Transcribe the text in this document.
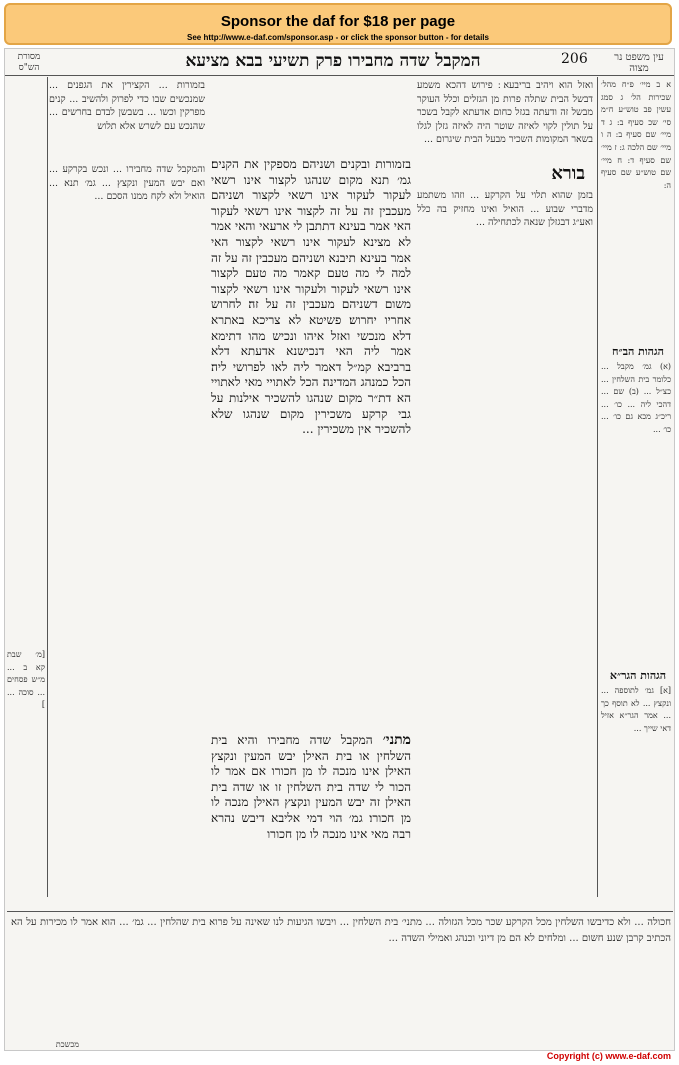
Sponsor the daf for $18 per page
See http://www.e-daf.com/sponsor.asp - or click the sponsor button - for details
206
המקבל שדה מחבירו פרק תשיעי בבא מציעא	עין משפט נר מצוה
מסורת הש"ס
א ב מיי׳ פ״ח מהל׳ שכירות הל׳ ג סמג עשין פב טוש״ע ח״מ סי׳ שכ סעיף ב: ג ד מיי׳ שם סעיף ב: ה ו מיי׳ שם הלכה ג: ז מיי׳ שם סעיף ד: ח מיי׳ שם טוש״ע שם סעיף ה:
הגהות הב״ח
(א) גמ׳ מקבל ... כלומר בית השלחין ... כצ״ל ... (ב) שם ... דהכי ליה ... כו׳ ... ריכ״ג מכא גם כו׳ ... כו׳ ...
הגהות הגר״א
[א] גמ׳ לתוספה ... ונקצץ ... לא תוסף כך ... אמר הגר״א אזיל דאי שייך ...
ואזל הוא ויהיב בריבעא ׃ פירוש דהכא משמע דבשל הבית שתלה פרות מן הגזלים וכלל העוקר מבשל זה ודעתה בגזל כחום אדעתא לקבל בשכר על תולין לקוי לאיזה שוטר היה לאיזה גזלן לגלו בשאר המקומות השכיר מבעל הבית שיגרום ...
בורא
בזמן שהוא תלוי על הקרקע ... וזהו משתמע מדברי שבוע ... הואיל ואינו מחזיק בה כלל ואע״ג דבגזלן שנאה לכתחילה ...
בזמורות ובקנים ושניהם מספקין את הקנים׃ גמ׳ תנא מקום שנהגו לקצור אינו רשאי לעקור לעקור אינו רשאי לקצור ושניהם מעכבין זה על זה לקצור אינו רשאי לעקור האי אמר בעינא דתתבן לי ארעאי והאי אמר לא מצינא לעקור אינו רשאי לקצור האי אמר בעינא תיבנא ושניהם מעכבין זה על זה למה לי מה טעם קאמר מה טעם לקצור אינו רשאי לעקור ולעקור אינו רשאי לקצור משום דשניהם מעכבין זה על זה׃ לחרוש אחריו יחרוש׃ פשיטא לא צריכא באתרא דלא מנכשי ואזל איהו ונכיש מהו דתימא אמר ליה האי דנכישנא אדעתא דלא ברביבא קמ״ל דאמר ליה לאו לפרושי ליה׃ הכל כמנהג המדינה׃ הכל לאתויי מאי לאתויי הא דת״ר מקום שנהגו להשכיר אילנות על גבי קרקע משכירין מקום שנהגו שלא להשכיר אין משכירין ...
בזמורות ... הקצירין את הגפנים ... שמנכשים שבו כדי לפרוק ולהשיב ... קנים מפרקין וכשו ... בשבשן לבדם בחרשים ... שהנכש עם לשרש אלא תלוש
והמקבל שדה מחבירו ... ונכש בקרקע ... ואם יבש המעין ונקצץ ... גמ׳ תנא ... הואיל ולא לקח ממנו הסכם ...
[מ׳ שבת קא ב ... מ״ש פסחים ... סוכה ... ]
מתני׳ המקבל שדה מחבירו והיא בית השלחין או בית האילן יבש המעין ונקצץ האילן אינו מנכה לו מן חכורו אם אמר לו הכור לי שדה בית השלחין זו או שדה בית האילן זה יבש המעין ונקצץ האילן מנכה לו מן חכורו׃ גמ׳ הוי דמי אליבא דיבש נהרא רבה מאי אינו מנכה לו מן חכורו
חכולה ... ולא כדיבשו השלחין מכל הקרקע שכר מכל הגזולה ... מתני׳ בית השלחין ... ויבשו הגיעות לנו שאינה על פרוא בית שהלחין ... גמ׳ ... הוא אמר לו מכירות על הא הכתיב קרבן שנע חשום ... ומלחים לא הם מן דיוני וכנהג ואמילי השדה ...
מכשכת
Copyright (c) www.e-daf.com
